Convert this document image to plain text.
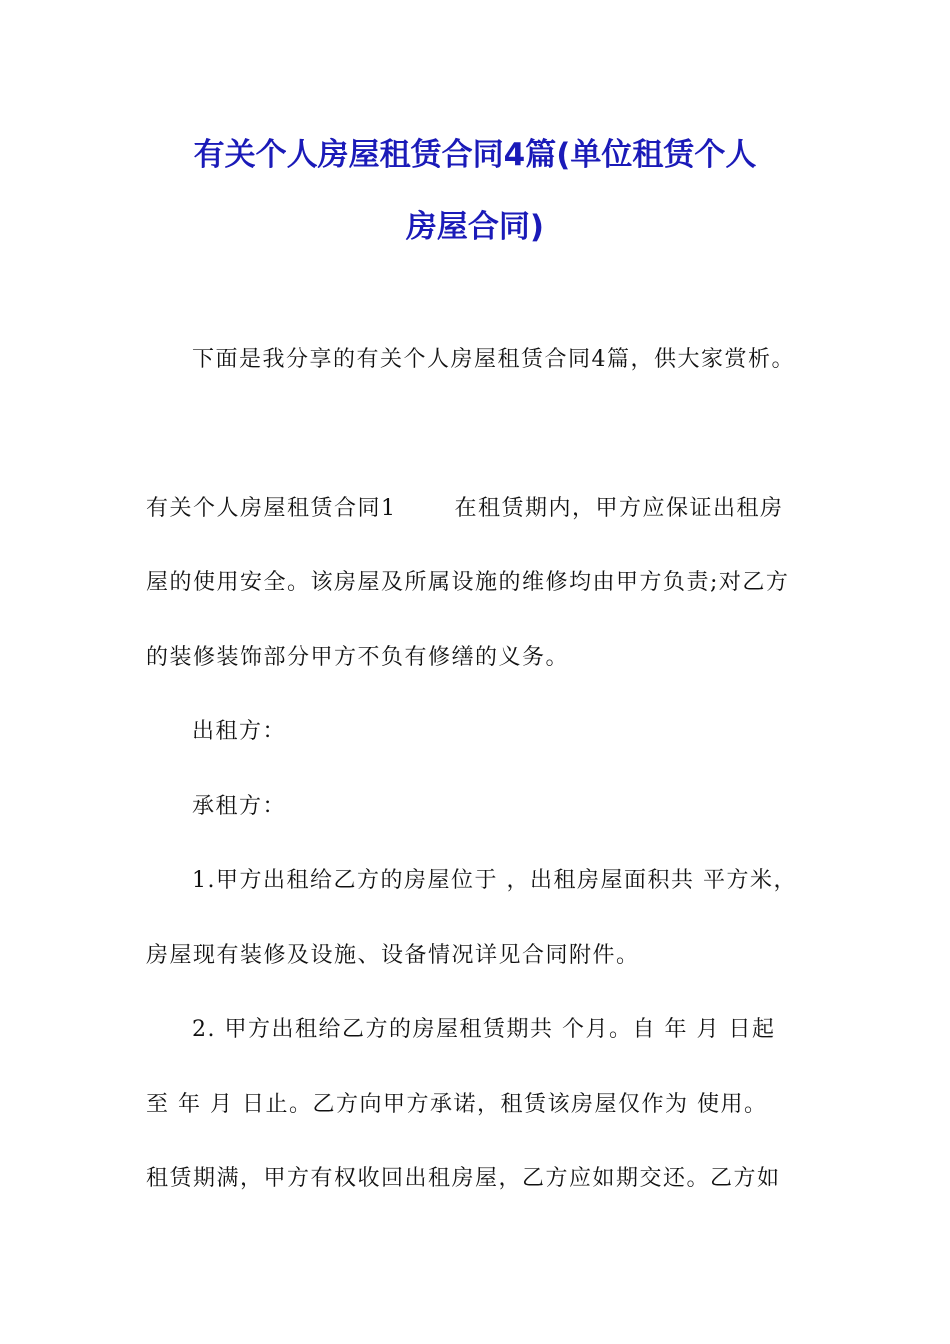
有关个人房屋租赁合同4篇(单位租赁个人
房屋合同)
下面是我分享的有关个人房屋租赁合同4篇，供大家赏析。
有关个人房屋租赁合同1	在租赁期内，甲方应保证出租房
屋的使用安全。该房屋及所属设施的维修均由甲方负责;对乙方
的装修装饰部分甲方不负有修缮的义务。
出租方：
承租方：
1.甲方出租给乙方的房屋位于 ，出租房屋面积共 平方米，
房屋现有装修及设施、设备情况详见合同附件。
2. 甲方出租给乙方的房屋租赁期共 个月。自 年 月 日起
至 年 月 日止。乙方向甲方承诺，租赁该房屋仅作为 使用。
租赁期满，甲方有权收回出租房屋，乙方应如期交还。乙方如
